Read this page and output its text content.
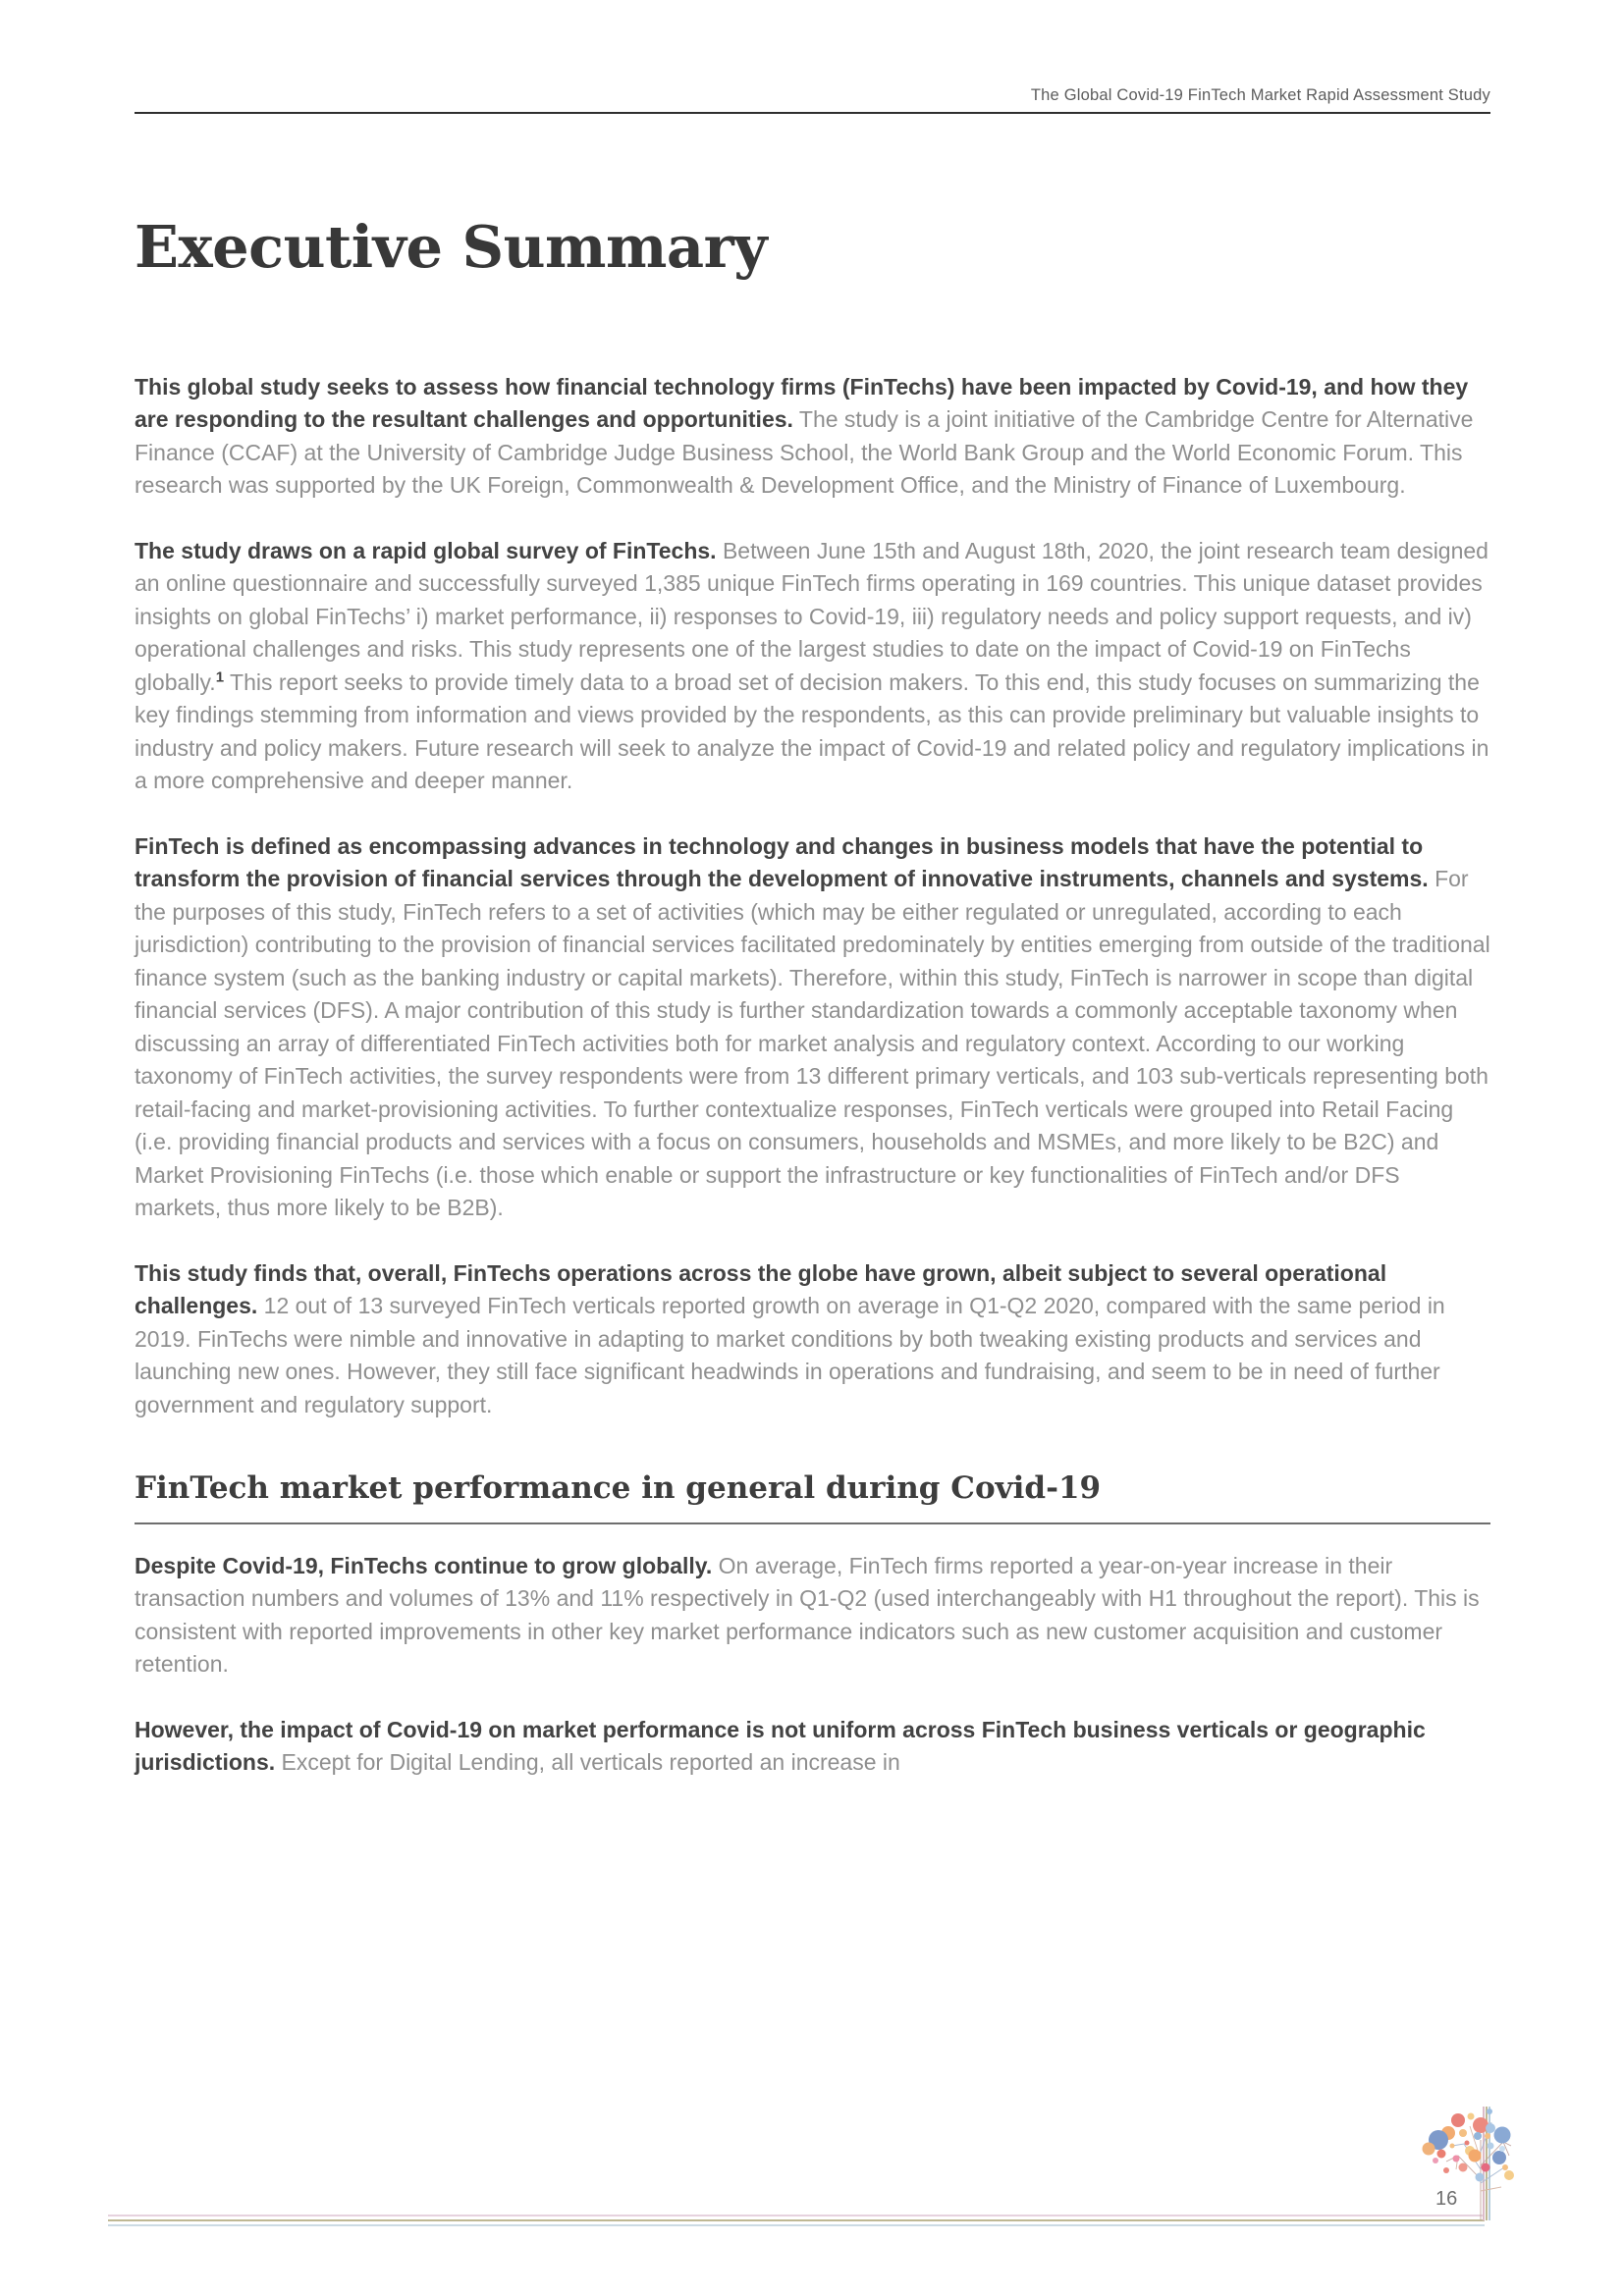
The Global Covid-19 FinTech Market Rapid Assessment Study
Executive Summary

This global study seeks to assess how financial technology firms (FinTechs) have been impacted by Covid-19, and how they are responding to the resultant challenges and opportunities. The study is a joint initiative of the Cambridge Centre for Alternative Finance (CCAF) at the University of Cambridge Judge Business School, the World Bank Group and the World Economic Forum. This research was supported by the UK Foreign, Commonwealth & Development Office, and the Ministry of Finance of Luxembourg.

The study draws on a rapid global survey of FinTechs. Between June 15th and August 18th, 2020, the joint research team designed an online questionnaire and successfully surveyed 1,385 unique FinTech firms operating in 169 countries. This unique dataset provides insights on global FinTechs’ i) market performance, ii) responses to Covid-19, iii) regulatory needs and policy support requests, and iv) operational challenges and risks. This study represents one of the largest studies to date on the impact of Covid-19 on FinTechs globally.$^1$ This report seeks to provide timely data to a broad set of decision makers. To this end, this study focuses on summarizing the key findings stemming from information and views provided by the respondents, as this can provide preliminary but valuable insights to industry and policy makers. Future research will seek to analyze the impact of Covid-19 and related policy and regulatory implications in a more comprehensive and deeper manner.

FinTech is defined as encompassing advances in technology and changes in business models that have the potential to transform the provision of financial services through the development of innovative instruments, channels and systems. For the purposes of this study, FinTech refers to a set of activities (which may be either regulated or unregulated, according to each jurisdiction) contributing to the provision of financial services facilitated predominately by entities emerging from outside of the traditional finance system (such as the banking industry or capital markets). Therefore, within this study, FinTech is narrower in scope than digital financial services (DFS). A major contribution of this study is further standardization towards a commonly acceptable taxonomy when discussing an array of differentiated FinTech activities both for market analysis and regulatory context. According to our working taxonomy of FinTech activities, the survey respondents were from 13 different primary verticals, and 103 sub-verticals representing both retail-facing and market-provisioning activities. To further contextualize responses, FinTech verticals were grouped into Retail Facing (i.e. providing financial products and services with a focus on consumers, households and MSMEs, and more likely to be B2C) and Market Provisioning FinTechs (i.e. those which enable or support the infrastructure or key functionalities of FinTech and/or DFS markets, thus more likely to be B2B).

This study finds that, overall, FinTechs operations across the globe have grown, albeit subject to several operational challenges. 12 out of 13 surveyed FinTech verticals reported growth on average in Q1-Q2 2020, compared with the same period in 2019. FinTechs were nimble and innovative in adapting to market conditions by both tweaking existing products and services and launching new ones. However, they still face significant headwinds in operations and fundraising, and seem to be in need of further government and regulatory support.

FinTech market performance in general during Covid-19

Despite Covid-19, FinTechs continue to grow globally. On average, FinTech firms reported a year-on-year increase in their transaction numbers and volumes of 13% and 11% respectively in Q1-Q2 (used interchangeably with H1 throughout the report). This is consistent with reported improvements in other key market performance indicators such as new customer acquisition and customer retention.

However, the impact of Covid-19 on market performance is not uniform across FinTech business verticals or geographic jurisdictions. Except for Digital Lending, all verticals reported an increase in

16
